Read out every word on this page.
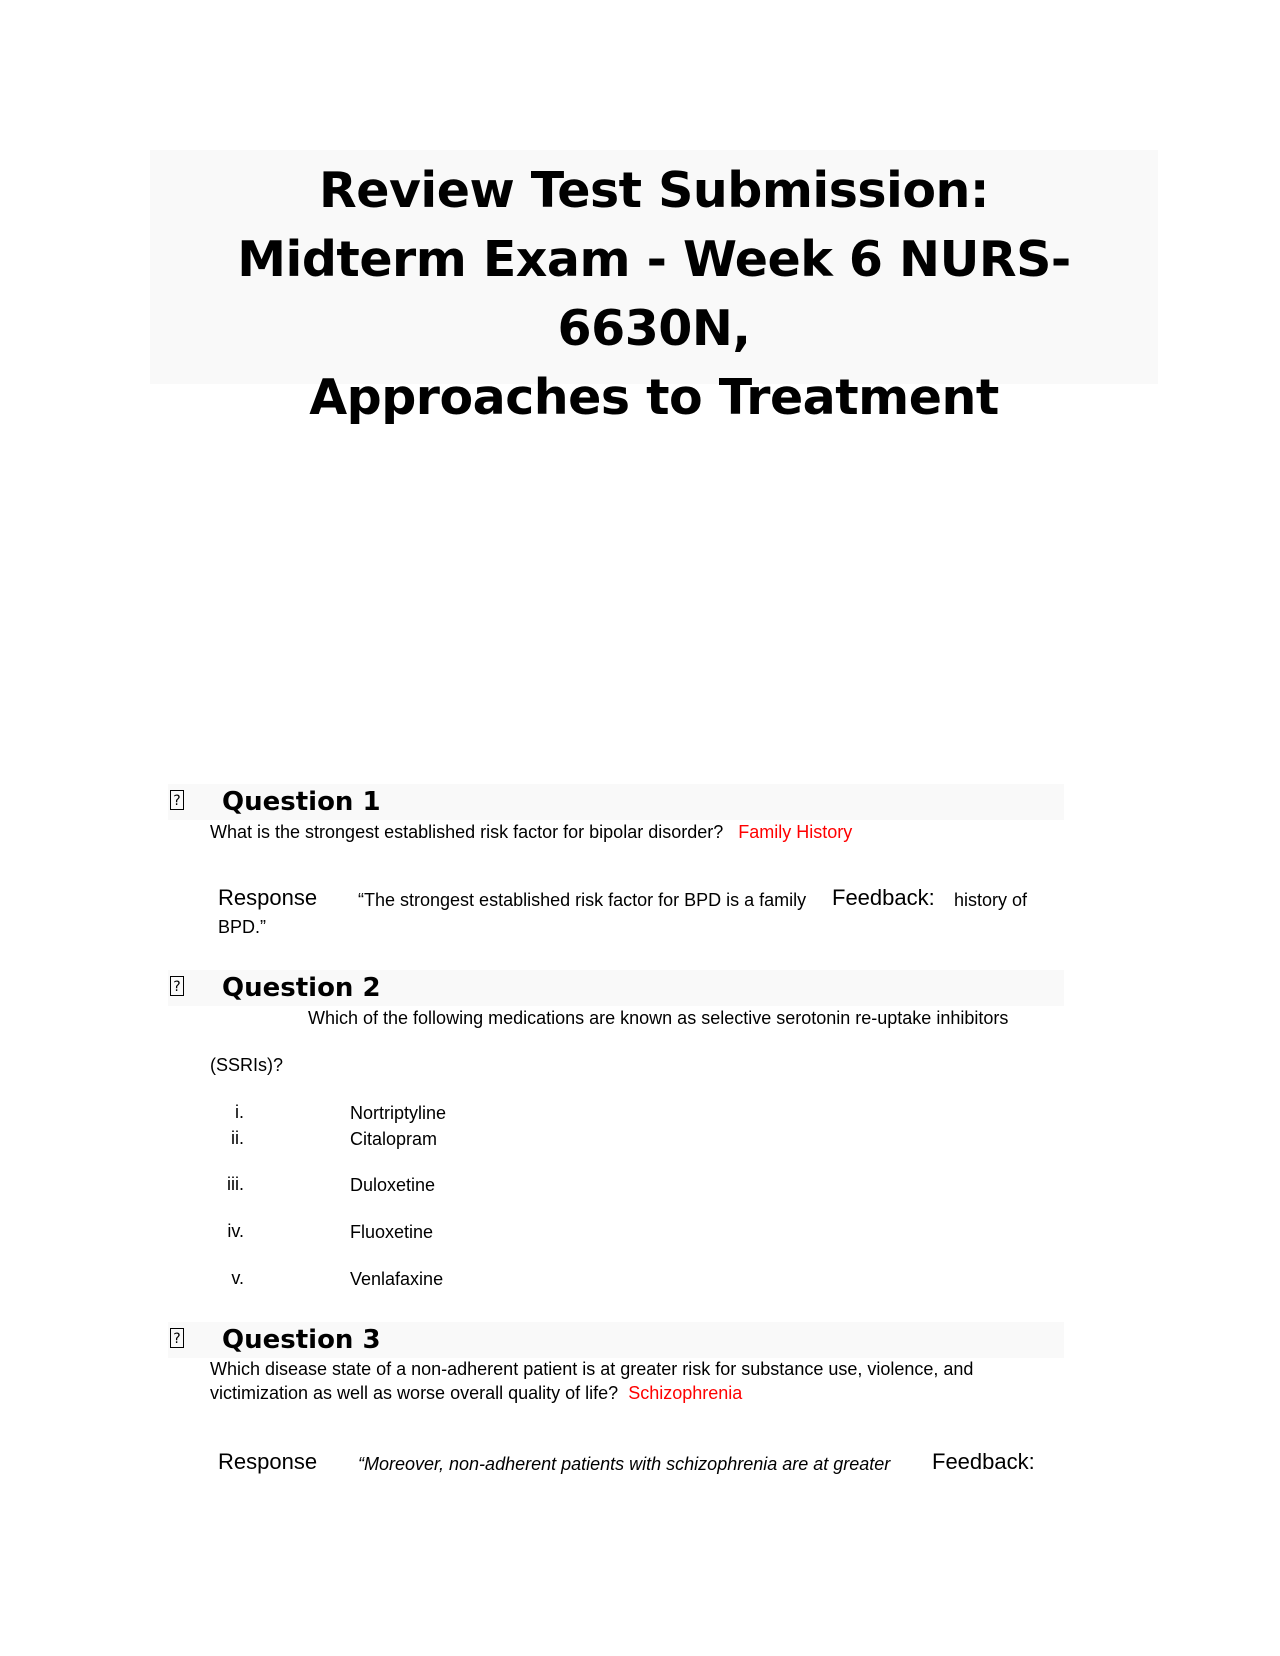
Review Test Submission:
Midterm Exam - Week 6 NURS-6630N,
Approaches to Treatment
? Question 1
What is the strongest established risk factor for bipolar disorder? Family History
Response “The strongest established risk factor for BPD is a family Feedback: history of
BPD.”
? Question 2
Which of the following medications are known as selective serotonin re-uptake inhibitors
(SSRIs)?
i.	Nortriptyline
ii.	Citalopram
iii.	Duloxetine
iv.	Fluoxetine
v.	Venlafaxine
? Question 3
Which disease state of a non-adherent patient is at greater risk for substance use, violence, and
victimization as well as worse overall quality of life? Schizophrenia
Response “Moreover, non-adherent patients with schizophrenia are at greater Feedback:
